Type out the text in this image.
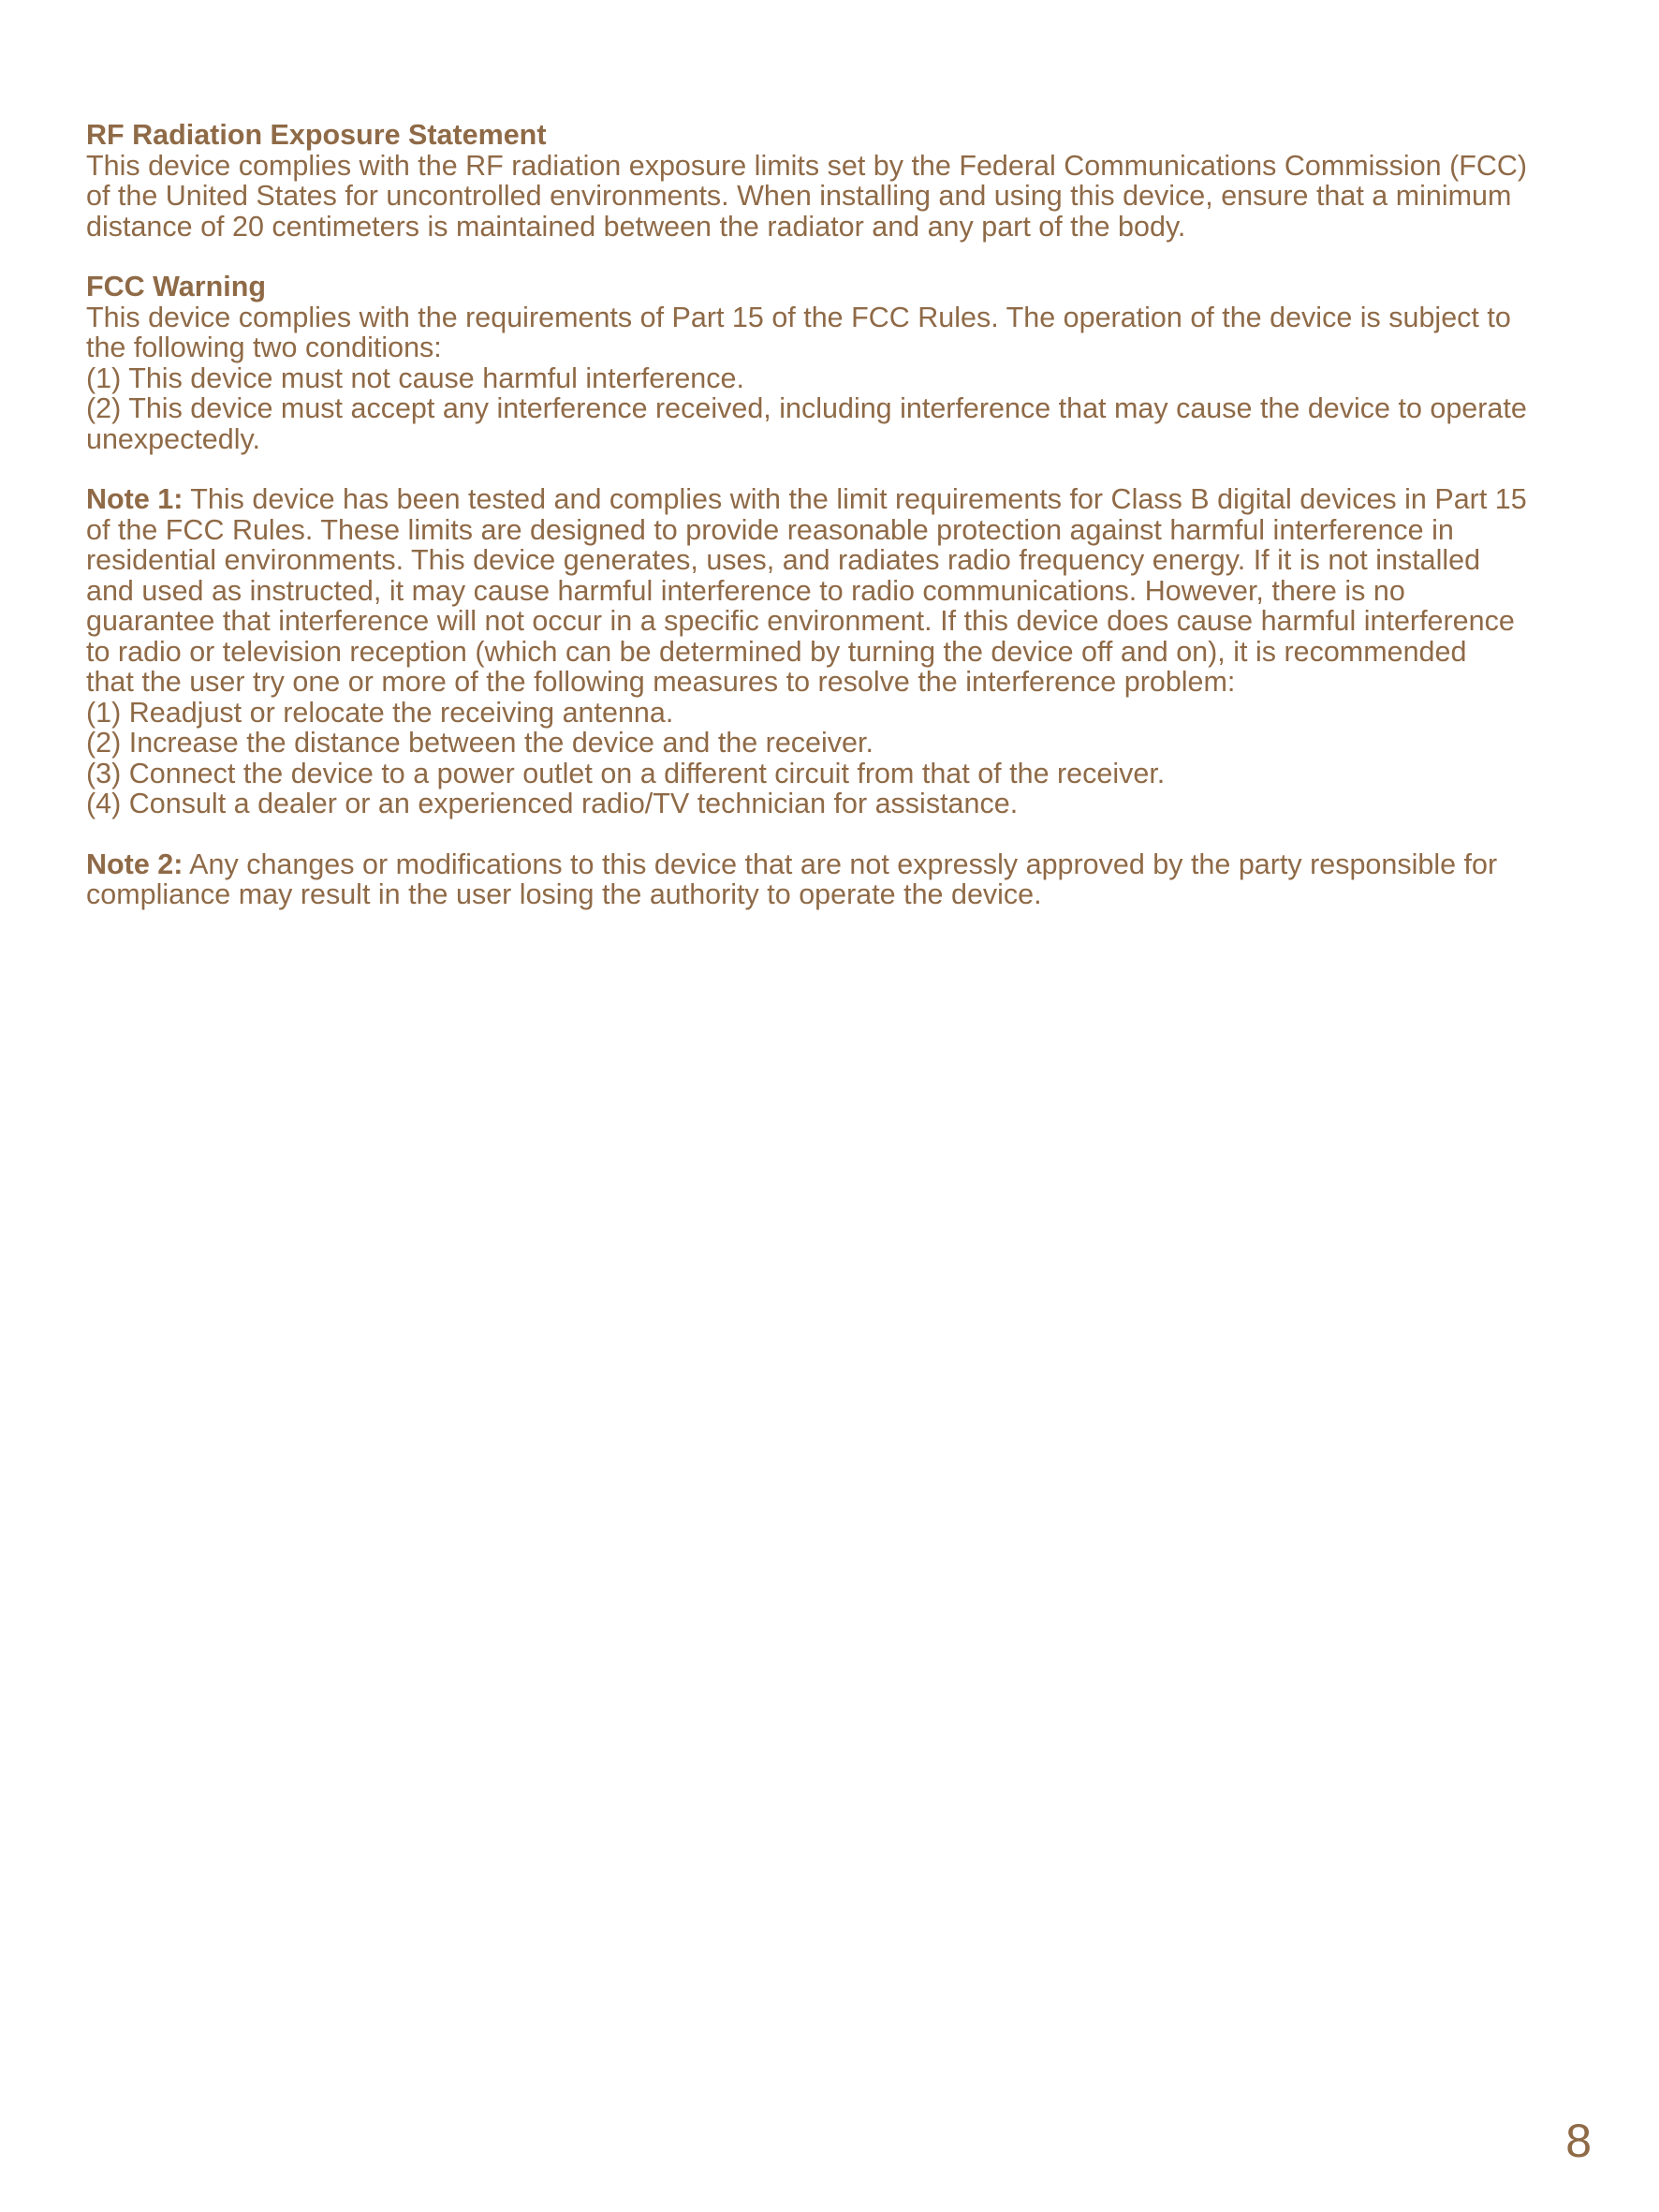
RF Radiation Exposure Statement
This device complies with the RF radiation exposure limits set by the Federal Communications Commission (FCC)
of the United States for uncontrolled environments. When installing and using this device, ensure that a minimum
distance of 20 centimeters is maintained between the radiator and any part of the body.
FCC Warning
This device complies with the requirements of Part 15 of the FCC Rules. The operation of the device is subject to
the following two conditions:
(1) This device must not cause harmful interference.
(2) This device must accept any interference received, including interference that may cause the device to operate
unexpectedly.
Note 1: This device has been tested and complies with the limit requirements for Class B digital devices in Part 15
of the FCC Rules. These limits are designed to provide reasonable protection against harmful interference in
residential environments. This device generates, uses, and radiates radio frequency energy. If it is not installed
and used as instructed, it may cause harmful interference to radio communications. However, there is no
guarantee that interference will not occur in a specific environment. If this device does cause harmful interference
to radio or television reception (which can be determined by turning the device off and on), it is recommended
that the user try one or more of the following measures to resolve the interference problem:
(1) Readjust or relocate the receiving antenna.
(2) Increase the distance between the device and the receiver.
(3) Connect the device to a power outlet on a different circuit from that of the receiver.
(4) Consult a dealer or an experienced radio/TV technician for assistance.
Note 2: Any changes or modifications to this device that are not expressly approved by the party responsible for
compliance may result in the user losing the authority to operate the device.
8
